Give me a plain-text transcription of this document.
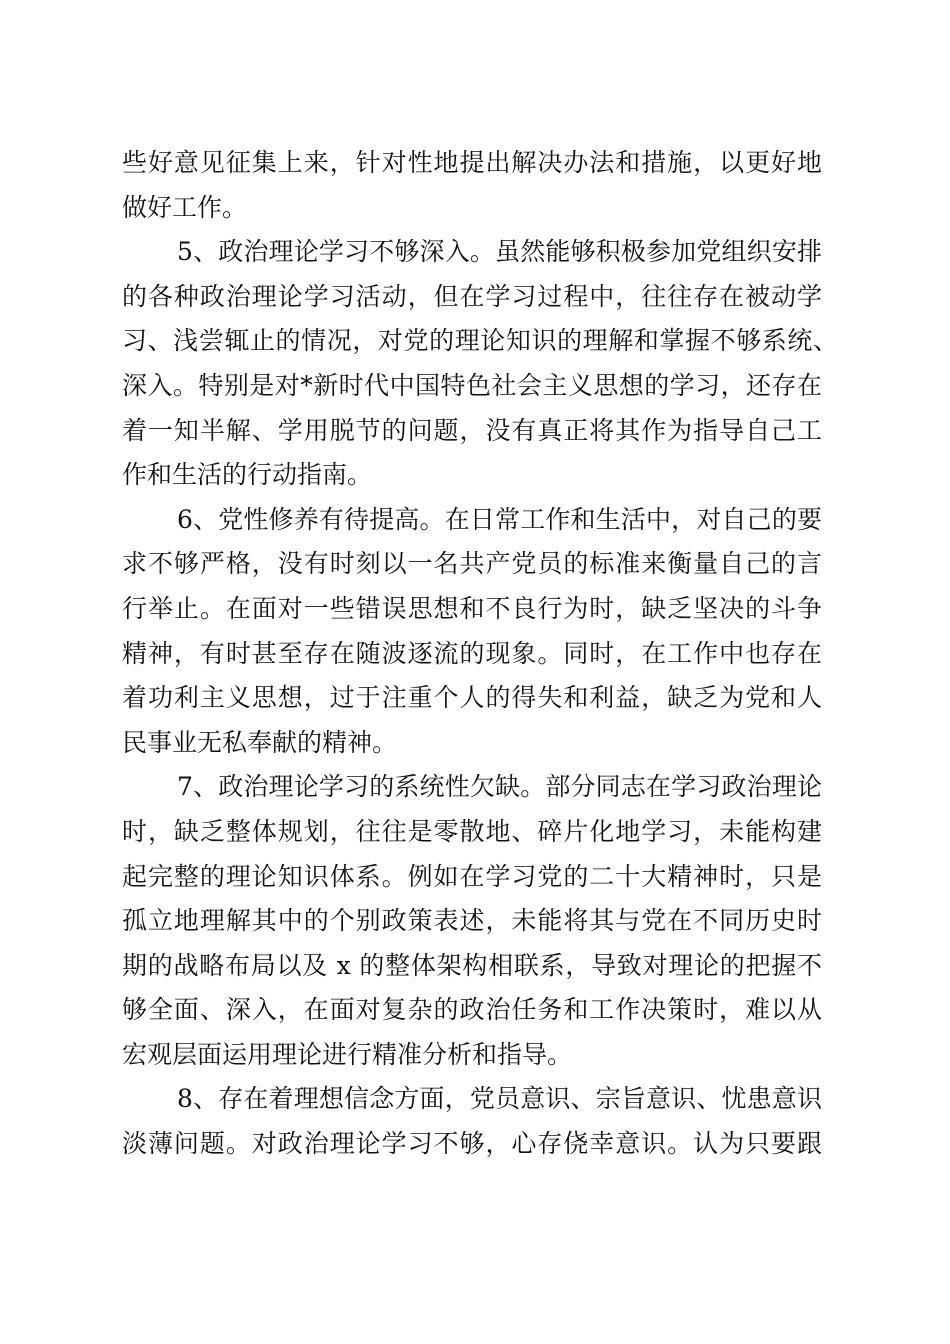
些好意见征集上来，针对性地提出解决办法和措施，以更好地
做好工作。
5、政治理论学习不够深入。虽然能够积极参加党组织安排
的各种政治理论学习活动，但在学习过程中，往往存在被动学
习、浅尝辄止的情况，对党的理论知识的理解和掌握不够系统、
深入。特别是对*新时代中国特色社会主义思想的学习，还存在
着一知半解、学用脱节的问题，没有真正将其作为指导自己工
作和生活的行动指南。
6、党性修养有待提高。在日常工作和生活中，对自己的要
求不够严格，没有时刻以一名共产党员的标准来衡量自己的言
行举止。在面对一些错误思想和不良行为时，缺乏坚决的斗争
精神，有时甚至存在随波逐流的现象。同时，在工作中也存在
着功利主义思想，过于注重个人的得失和利益，缺乏为党和人
民事业无私奉献的精神。
7、政治理论学习的系统性欠缺。部分同志在学习政治理论
时，缺乏整体规划，往往是零散地、碎片化地学习，未能构建
起完整的理论知识体系。例如在学习党的二十大精神时，只是
孤立地理解其中的个别政策表述，未能将其与党在不同历史时
期的战略布局以及 x 的整体架构相联系，导致对理论的把握不
够全面、深入，在面对复杂的政治任务和工作决策时，难以从
宏观层面运用理论进行精准分析和指导。
8、存在着理想信念方面，党员意识、宗旨意识、忧患意识
淡薄问题。对政治理论学习不够，心存侥幸意识。认为只要跟
